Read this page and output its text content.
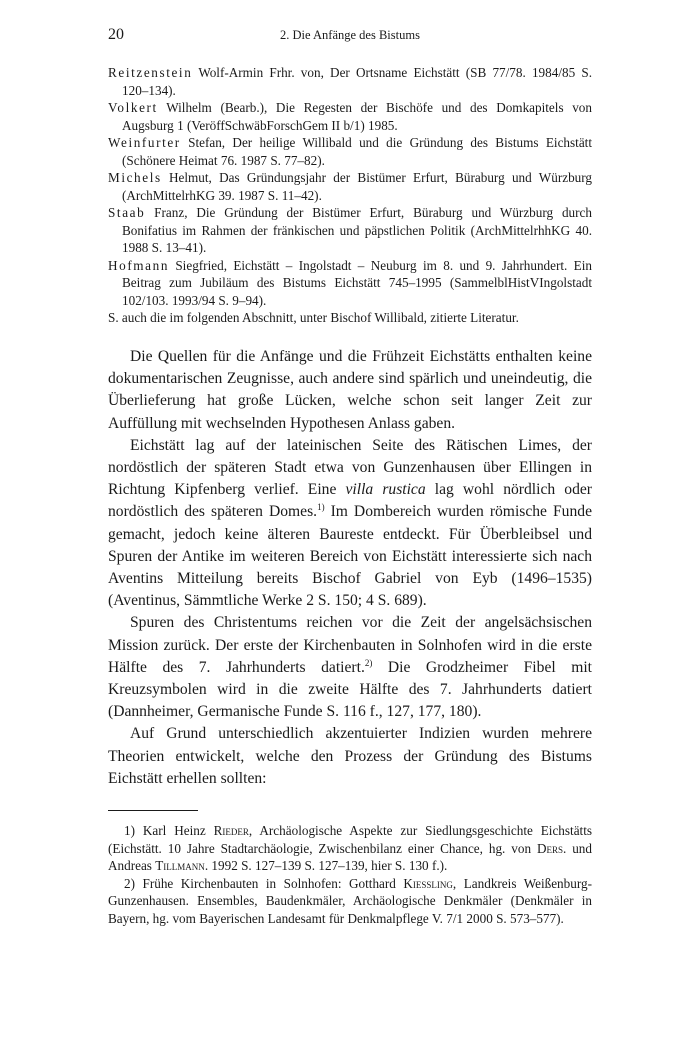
20	2. Die Anfänge des Bistums

Reitzenstein Wolf-Armin Frhr. von, Der Ortsname Eichstätt (SB 77/78. 1984/85 S. 120–134).

Volkert Wilhelm (Bearb.), Die Regesten der Bischöfe und des Domkapitels von Augsburg 1 (VeröffSchwäbForschGem II b/1) 1985.

Weinfurter Stefan, Der heilige Willibald und die Gründung des Bistums Eichstätt (Schönere Heimat 76. 1987 S. 77–82).

Michels Helmut, Das Gründungsjahr der Bistümer Erfurt, Büraburg und Würzburg (ArchMittelrhKG 39. 1987 S. 11–42).

Staab Franz, Die Gründung der Bistümer Erfurt, Büraburg und Würzburg durch Bonifatius im Rahmen der fränkischen und päpstlichen Politik (ArchMittelrhhKG 40. 1988 S. 13–41).

Hofmann Siegfried, Eichstätt – Ingolstadt – Neuburg im 8. und 9. Jahrhundert. Ein Beitrag zum Jubiläum des Bistums Eichstätt 745–1995 (SammelblHistVIngolstadt 102/103. 1993/94 S. 9–94).

S. auch die im folgenden Abschnitt, unter Bischof Willibald, zitierte Literatur.

Die Quellen für die Anfänge und die Frühzeit Eichstätts enthalten keine dokumentarischen Zeugnisse, auch andere sind spärlich und uneindeutig, die Überlieferung hat große Lücken, welche schon seit langer Zeit zur Auffüllung mit wechselnden Hypothesen Anlass gaben.

Eichstätt lag auf der lateinischen Seite des Rätischen Limes, der nordöstlich der späteren Stadt etwa von Gunzenhausen über Ellingen in Richtung Kipfenberg verlief. Eine villa rustica lag wohl nördlich oder nordöstlich des späteren Domes.$^{1)}$ Im Dombereich wurden römische Funde gemacht, jedoch keine älteren Baureste entdeckt. Für Überbleibsel und Spuren der Antike im weiteren Bereich von Eichstätt interessierte sich nach Aventins Mitteilung bereits Bischof Gabriel von Eyb (1496–1535) (Aventinus, Sämmtliche Werke 2 S. 150; 4 S. 689).

Spuren des Christentums reichen vor die Zeit der angelsächsischen Mission zurück. Der erste der Kirchenbauten in Solnhofen wird in die erste Hälfte des 7. Jahrhunderts datiert.$^{2)}$ Die Grodzheimer Fibel mit Kreuzsymbolen wird in die zweite Hälfte des 7. Jahrhunderts datiert (Dannheimer, Germanische Funde S. 116 f., 127, 177, 180).

Auf Grund unterschiedlich akzentuierter Indizien wurden mehrere Theorien entwickelt, welche den Prozess der Gründung des Bistums Eichstätt erhellen sollten:

1) Karl Heinz Rieder, Archäologische Aspekte zur Siedlungsgeschichte Eichstätts (Eichstätt. 10 Jahre Stadtarchäologie, Zwischenbilanz einer Chance, hg. von Ders. und Andreas Tillmann. 1992 S. 127–139 S. 127–139, hier S. 130 f.).

2) Frühe Kirchenbauten in Solnhofen: Gotthard Kiessling, Landkreis Weißenburg-Gunzenhausen. Ensembles, Baudenkmäler, Archäologische Denkmäler (Denkmäler in Bayern, hg. vom Bayerischen Landesamt für Denkmalpflege V. 7/1 2000 S. 573–577).
